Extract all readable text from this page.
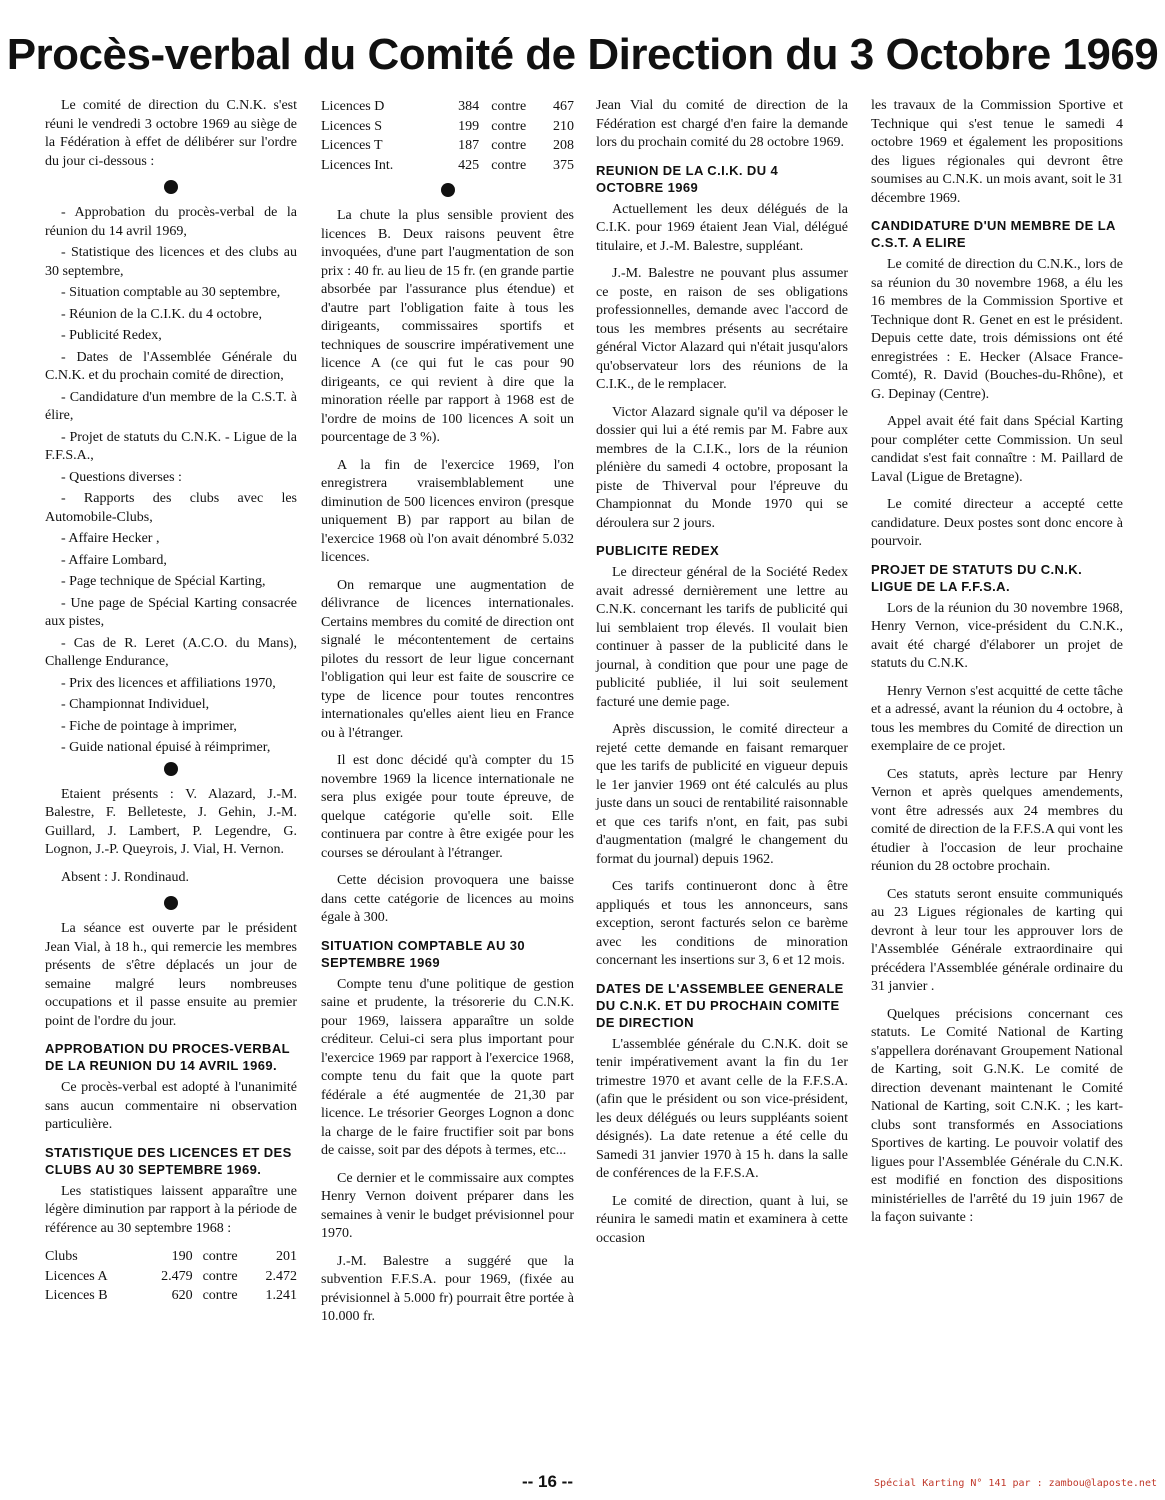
Procès-verbal du Comité de Direction du 3 Octobre 1969

Le comité de direction du C.N.K. s'est réuni le vendredi 3 octobre 1969 au siège de la Fédération à effet de délibérer sur l'ordre du jour ci-dessous :

- Approbation du procès-verbal de la réunion du 14 avril 1969,

- Statistique des licences et des clubs au 30 septembre,

- Situation comptable au 30 septembre,

- Réunion de la C.I.K. du 4 octobre,

- Publicité Redex,

- Dates de l'Assemblée Générale du C.N.K. et du prochain comité de direction,

- Candidature d'un membre de la C.S.T. à élire,

- Projet de statuts du C.N.K. - Ligue de la F.F.S.A.,

- Questions diverses :

- Rapports des clubs avec les Automobile-Clubs,

- Affaire Hecker ,

- Affaire Lombard,

- Page technique de Spécial Karting,

- Une page de Spécial Karting consacrée aux pistes,

- Cas de R. Leret (A.C.O. du Mans), Challenge Endurance,

- Prix des licences et affiliations 1970,

- Championnat Individuel,

- Fiche de pointage à imprimer,

- Guide national épuisé à réimprimer,

Etaient présents : V. Alazard, J.-M. Balestre, F. Belleteste, J. Gehin, J.-M. Guillard, J. Lambert, P. Legendre, G. Lognon, J.-P. Queyrois, J. Vial, H. Vernon.

Absent : J. Rondinaud.

La séance est ouverte par le président Jean Vial, à 18 h., qui remercie les membres présents de s'être déplacés un jour de semaine malgré leurs nombreuses occupations et il passe ensuite au premier point de l'ordre du jour.

APPROBATION DU PROCES-VERBAL DE LA REUNION DU 14 AVRIL 1969.

Ce procès-verbal est adopté à l'unanimité sans aucun commentaire ni observation particulière.

STATISTIQUE DES LICENCES ET DES CLUBS AU 30 SEPTEMBRE 1969.

Les statistiques laissent apparaître une légère diminution par rapport à la période de référence au 30 septembre 1968 :

Clubs	190	contre	201
Licences A	2.479	contre	2.472
Licences B	620	contre	1.241
Licences D	384	contre	467
Licences S	199	contre	210
Licences T	187	contre	208
Licences Int.	425	contre	375

La chute la plus sensible provient des licences B. Deux raisons peuvent être invoquées, d'une part l'augmentation de son prix : 40 fr. au lieu de 15 fr. (en grande partie absorbée par l'assurance plus étendue) et d'autre part l'obligation faite à tous les dirigeants, commissaires sportifs et techniques de souscrire impérativement une licence A (ce qui fut le cas pour 90 dirigeants, ce qui revient à dire que la minoration réelle par rapport à 1968 est de l'ordre de moins de 100 licences A soit un pourcentage de 3 %).

A la fin de l'exercice 1969, l'on enregistrera vraisemblablement une diminution de 500 licences environ (presque uniquement B) par rapport au bilan de l'exercice 1968 où l'on avait dénombré 5.032 licences.

On remarque une augmentation de délivrance de licences internationales. Certains membres du comité de direction ont signalé le mécontentement de certains pilotes du ressort de leur ligue concernant l'obligation qui leur est faite de souscrire ce type de licence pour toutes rencontres internationales qu'elles aient lieu en France ou à l'étranger.

Il est donc décidé qu'à compter du 15 novembre 1969 la licence internationale ne sera plus exigée pour toute épreuve, de quelque catégorie qu'elle soit. Elle continuera par contre à être exigée pour les courses se déroulant à l'étranger.

Cette décision provoquera une baisse dans cette catégorie de licences au moins égale à 300.

SITUATION COMPTABLE AU 30 SEPTEMBRE 1969

Compte tenu d'une politique de gestion saine et prudente, la trésorerie du C.N.K. pour 1969, laissera apparaître un solde créditeur. Celui-ci sera plus important pour l'exercice 1969 par rapport à l'exercice 1968, compte tenu du fait que la quote part fédérale a été augmentée de 21,30 par licence. Le trésorier Georges Lognon a donc la charge de le faire fructifier soit par bons de caisse, soit par des dépots à termes, etc...

Ce dernier et le commissaire aux comptes Henry Vernon doivent préparer dans les semaines à venir le budget prévisionnel pour 1970.

J.-M. Balestre a suggéré que la subvention F.F.S.A. pour 1969, (fixée au prévisionnel à 5.000 fr) pourrait être portée à 10.000 fr.

Jean Vial du comité de direction de la Fédération est chargé d'en faire la demande lors du prochain comité du 28 octobre 1969.

REUNION DE LA C.I.K. DU 4 OCTOBRE 1969

Actuellement les deux délégués de la C.I.K. pour 1969 étaient Jean Vial, délégué titulaire, et J.-M. Balestre, suppléant.

J.-M. Balestre ne pouvant plus assumer ce poste, en raison de ses obligations professionnelles, demande avec l'accord de tous les membres présents au secrétaire général Victor Alazard qui n'était jusqu'alors qu'observateur lors des réunions de la C.I.K., de le remplacer.

Victor Alazard signale qu'il va déposer le dossier qui lui a été remis par M. Fabre aux membres de la C.I.K., lors de la réunion plénière du samedi 4 octobre, proposant la piste de Thiverval pour l'épreuve du Championnat du Monde 1970 qui se déroulera sur 2 jours.

PUBLICITE REDEX

Le directeur général de la Société Redex avait adressé dernièrement une lettre au C.N.K. concernant les tarifs de publicité qui lui semblaient trop élevés. Il voulait bien continuer à passer de la publicité dans le journal, à condition que pour une page de publicité publiée, il lui soit seulement facturé une demie page.

Après discussion, le comité directeur a rejeté cette demande en faisant remarquer que les tarifs de publicité en vigueur depuis le 1er janvier 1969 ont été calculés au plus juste dans un souci de rentabilité raisonnable et que ces tarifs n'ont, en fait, pas subi d'augmentation (malgré le changement du format du journal) depuis 1962.

Ces tarifs continueront donc à être appliqués et tous les annonceurs, sans exception, seront facturés selon ce barème avec les conditions de minoration concernant les insertions sur 3, 6 et 12 mois.

DATES DE L'ASSEMBLEE GENERALE DU C.N.K. ET DU PROCHAIN COMITE DE DIRECTION

L'assemblée générale du C.N.K. doit se tenir impérativement avant la fin du 1er trimestre 1970 et avant celle de la F.F.S.A. (afin que le président ou son vice-président, les deux délégués ou leurs suppléants soient désignés). La date retenue a été celle du Samedi 31 janvier 1970 à 15 h. dans la salle de conférences de la F.F.S.A.

Le comité de direction, quant à lui, se réunira le samedi matin et examinera à cette occasion

les travaux de la Commission Sportive et Technique qui s'est tenue le samedi 4 octobre 1969 et également les propositions des ligues régionales qui devront être soumises au C.N.K. un mois avant, soit le 31 décembre 1969.

CANDIDATURE D'UN MEMBRE DE LA C.S.T. A ELIRE

Le comité de direction du C.N.K., lors de sa réunion du 30 novembre 1968, a élu les 16 membres de la Commission Sportive et Technique dont R. Genet en est le président. Depuis cette date, trois démissions ont été enregistrées : E. Hecker (Alsace France-Comté), R. David (Bouches-du-Rhône), et G. Depinay (Centre).

Appel avait été fait dans Spécial Karting pour compléter cette Commission. Un seul candidat s'est fait connaître : M. Paillard de Laval (Ligue de Bretagne).

Le comité directeur a accepté cette candidature. Deux postes sont donc encore à pourvoir.

PROJET DE STATUTS DU C.N.K. LIGUE DE LA F.F.S.A.

Lors de la réunion du 30 novembre 1968, Henry Vernon, vice-président du C.N.K., avait été chargé d'élaborer un projet de statuts du C.N.K.

Henry Vernon s'est acquitté de cette tâche et a adressé, avant la réunion du 4 octobre, à tous les membres du Comité de direction un exemplaire de ce projet.

Ces statuts, après lecture par Henry Vernon et après quelques amendements, vont être adressés aux 24 membres du comité de direction de la F.F.S.A qui vont les étudier à l'occasion de leur prochaine réunion du 28 octobre prochain.

Ces statuts seront ensuite communiqués au 23 Ligues régionales de karting qui devront à leur tour les approuver lors de l'Assemblée Générale extraordinaire qui précédera l'Assemblée générale ordinaire du 31 janvier .

Quelques précisions concernant ces statuts. Le Comité National de Karting s'appellera dorénavant Groupement National de Karting, soit G.N.K. Le comité de direction devenant maintenant le Comité National de Karting, soit C.N.K. ; les kart-clubs sont transformés en Associations Sportives de karting. Le pouvoir volatif des ligues pour l'Assemblée Générale du C.N.K. est modifié en fonction des dispositions ministérielles de l'arrêté du 19 juin 1967 de la façon suivante :

-- 16 --	Spécial Karting N° 141 par : zambou@laposte.net
